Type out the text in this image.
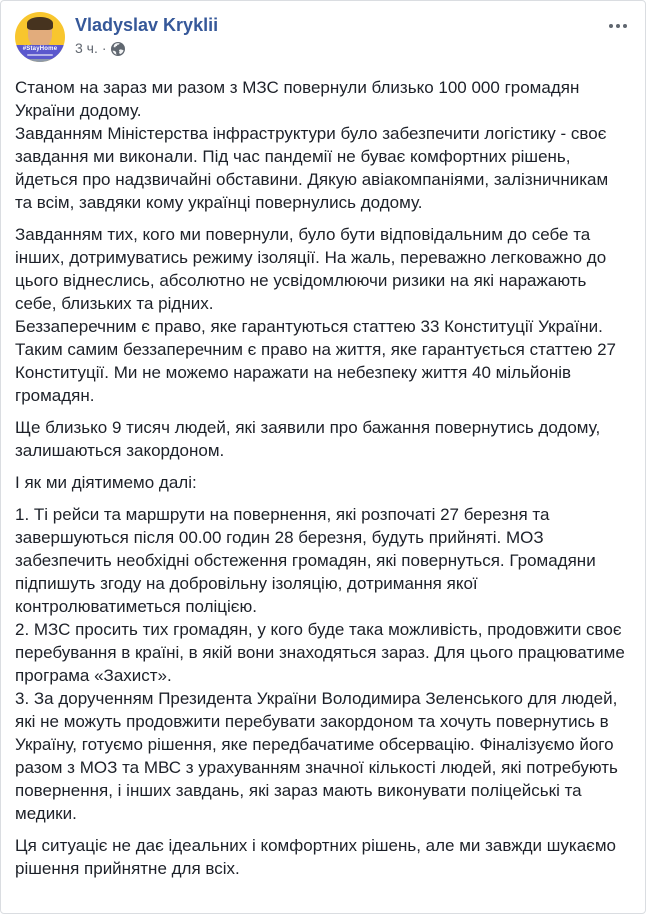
#StayHome
Vladyslav Kryklii
3 ч. ·
Станом на зараз ми разом з МЗС повернули близько 100 000 громадян України додому.
Завданням Міністерства інфраструктури було забезпечити логістику - своє завдання ми виконали. Під час пандемії не буває комфортних рішень, йдеться про надзвичайні обставини. Дякую авіакомпаніями, залізничникам та всім, завдяки кому українці повернулись додому.
Завданням тих, кого ми повернули, було бути відповідальним до себе та інших, дотримуватись режиму ізоляції. На жаль, переважно легковажно до цього віднеслись, абсолютно не усвідомлюючи ризики на які наражають себе, близьких та рідних.
Беззаперечним є право, яке гарантуються статтею 33 Конституції України. Таким самим беззаперечним є право на життя, яке гарантується статтею 27 Конституції. Ми не можемо наражати на небезпеку життя 40 мільйонів громадян.
Ще близько 9 тисяч людей, які заявили про бажання повернутись додому, залишаються закордоном.
І як ми діятимемо далі:
1. Ті рейси та маршрути на повернення, які розпочаті 27 березня та завершуються після 00.00 годин 28 березня, будуть прийняті. МОЗ забезпечить необхідні обстеження громадян, які повернуться. Громадяни підпишуть згоду на добровільну ізоляцію, дотримання якої контролюватиметься поліцією.
2. МЗС просить тих громадян, у кого буде така можливість, продовжити своє перебування в країні, в якій вони знаходяться зараз. Для цього працюватиме програма «Захист».
3. За дорученням Президента України Володимира Зеленського для людей, які не можуть продовжити перебувати закордоном та хочуть повернутись в Україну, готуємо рішення, яке передбачатиме обсервацію. Фіналізуємо його разом з МОЗ та МВС з урахуванням значної кількості людей, які потребують повернення, і інших завдань, які зараз мають виконувати поліцейські та медики.
Ця ситуаціє не дає ідеальних і комфортних рішень, але ми завжди шукаємо рішення прийнятне для всіх.
